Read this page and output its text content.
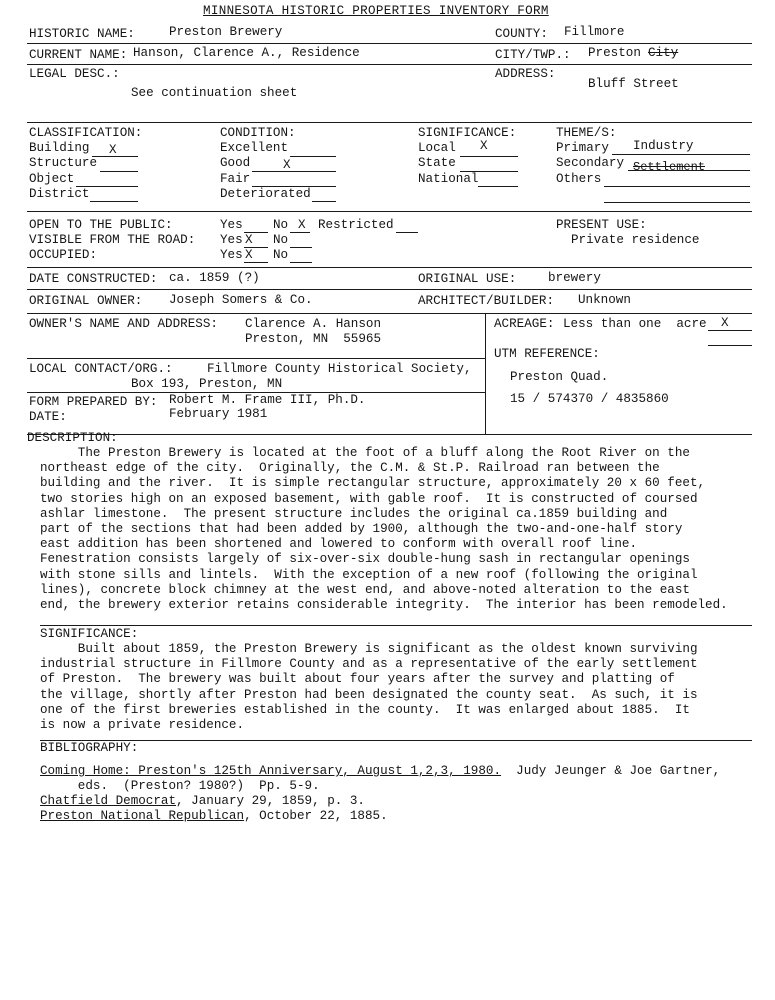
MINNESOTA HISTORIC PROPERTIES INVENTORY FORM
HISTORIC NAME:	Preston Brewery	COUNTY: Fillmore
CURRENT NAME: Hanson, Clarence A., Residence	CITY/TWP.: Preston City
LEGAL DESC.:
See continuation sheet
ADDRESS:
Bluff Street
CLASSIFICATION:
Building X
Structure
Object
District
CONDITION:
Excellent
Good	X
Fair
Deteriorated
SIGNIFICANCE:
Local X
State
National
THEME/S:
Primary Industry
Secondary Settlement
Others
OPEN TO THE PUBLIC:	Yes No X Restricted
VISIBLE FROM THE ROAD: Yes X No
OCCUPIED:	Yes X No
PRESENT USE:
Private residence
DATE CONSTRUCTED: ca. 1859 (?)	ORIGINAL USE:	brewery
ORIGINAL OWNER: Joseph Somers & Co.	ARCHITECT/BUILDER: Unknown
OWNER'S NAME AND ADDRESS: Clarence A. Hanson
Preston, MN  55965
ACREAGE: Less than one  acre X
UTM REFERENCE:
Preston Quad.
15 / 574370 / 4835860
LOCAL CONTACT/ORG.:	Fillmore County Historical Society,
Box 193, Preston, MN
FORM PREPARED BY: Robert M. Frame III, Ph.D.
DATE:	February 1981
DESCRIPTION:
The Preston Brewery is located at the foot of a bluff along the Root River on the
northeast edge of the city.  Originally, the C.M. & St.P. Railroad ran between the
building and the river.  It is simple rectangular structure, approximately 20 x 60 feet,
two stories high on an exposed basement, with gable roof.  It is constructed of coursed
ashlar limestone.  The present structure includes the original ca.1859 building and
part of the sections that had been added by 1900, although the two-and-one-half story
east addition has been shortened and lowered to conform with overall roof line.
Fenestration consists largely of six-over-six double-hung sash in rectangular openings
with stone sills and lintels.  With the exception of a new roof (following the original
lines), concrete block chimney at the west end, and above-noted alteration to the east
end, the brewery exterior retains considerable integrity.  The interior has been remodeled.
SIGNIFICANCE:
Built about 1859, the Preston Brewery is significant as the oldest known surviving
industrial structure in Fillmore County and as a representative of the early settlement
of Preston.  The brewery was built about four years after the survey and platting of
the village, shortly after Preston had been designated the county seat.  As such, it is
one of the first breweries established in the county.  It was enlarged about 1885.  It
is now a private residence.
BIBLIOGRAPHY:
Coming Home: Preston's 125th Anniversary, August 1,2,3, 1980.  Judy Jeunger & Joe Gartner,
eds.  (Preston? 1980?)  Pp. 5-9.
Chatfield Democrat, January 29, 1859, p. 3.
Preston National Republican, October 22, 1885.
